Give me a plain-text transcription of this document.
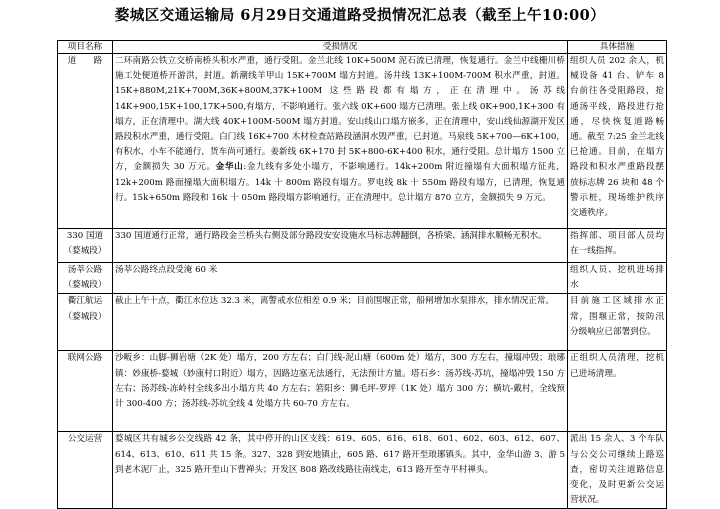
婺城区交通运输局 6月29日交通道路受损情况汇总表（截至上午10:00）
项目名称	受损情况	具体措施
道　　路	二环南路公铁立交桥南桥头积水严重，通行受阻。金兰北线 10K+500M 泥石流已清理，恢复通行。金兰中线栅川桥施工处便道桥开游洪，封道。新潮线羊甲山 15K+700M 塌方封道。汤井线 13K+100M-700M 积水严重，封道。15K+880M,21K+700M,36K+800M,37K+100M 这些路段都有塌方，正在清理中。汤苏线 14K+900,15K+100,17K+500,有塌方，不影响通行。张六线 0K+600 塌方已清理。张上线 0K+900,1K+300 有塌方，正在清理中。湖大线 40K+100M-500M 塌方封道。安山线山口塌方嵌多，正在清理中，安山线仙源湖开发区路段积水严重，通行受阻。白门线 16K+700 木材检查站路段涵洞水毁严重，已封道。马泉线 5K+700—6K+100，有积水，小车不能通行，货车尚可通行。姜新线 6K+170 封 5K+800-6K+400 积水，通行受阻。总计塌方 1500 立方，金额损失 30 万元。金华山:金九线有多处小塌方，不影响通行。14k+200m 附近撞塌有大面积塌方征兆，12k+200m 路面撞塌大面积塌方。14k 十 800m 路段有塌方。罗电线 8k 十 550m 路段有塌方，已清理，恢复通行。15k+650m 路段和 16k 十 050m 路段塌方影响通行，正在清理中。总计塌方 870 立方，金额损失 9 万元。	组织人员 202 余人，机械设备 41 台、铲车 8 台前往各受阻路段，抢通汤平线，路段进行抢通，尽快恢复道路畅通。截至 7:25 金兰北线已抢通。目前，在塌方路段和积水严重路段摆放标志牌 26 块和 48 个警示桩，现场维护秩序交通秩序。
330 国道
（婺城段）	330 国道通行正常，通行路段金兰桥头右侧及部分路段安安设施水马标志牌翻倒，各桥梁、涵洞排水顺畅无积水。	指挥部、项目部人员均在一线指挥。
汤莘公路
（婺城段）	汤莘公路终点段受淹 60 米	组织人员、挖机进场排水
衢江航运
（婺城段）	截止上午十点，衢江水位达 32.3 米，离警戒水位相差 0.9 米；目前围堰正常，船闸增加水泵排水，排水情况正常。	目前施工区域排水正常，围堰正常，按防汛分级响应已部署到位。
联网公路	沙畈乡：山脚-狮岩塘（2K 处）塌方，200 方左右；白门线-泥山塘（600m 处）塌方，300 方左右，撞塌冲毁；琅琊镇：妙康桥-婺城（妙康村口附近）塌方，因路边塞无法通行，无法预计方量。塔石乡：汤苏线-苏坑，撞塌冲毁 150 方左右；汤苏线-冻岭村全线多出小塌方共 40 方左右；箬阳乡：狮毛坪-罗坪（1K 处）塌方 300 方；横坑-戴村，全线预计 300-400 方；汤苏线-苏坑全线 4 处塌方共 60-70 方左右。	正组织人员清理，挖机已进场清理。
公交运营	婺城区共有城乡公交线路 42 条，其中停开的山区支线：619、605、616、618、601、602、603、612、607、614、613、610、611 共 15 条。327、328 到安地镇止，605 路、617 路开至琅琊镇头。其中，金华山游 3、游 5 到老木泥厂止，325 路开至山下曹禅头；开发区 808 路改线路往南线走，613 路开至寺平村禅头。	派出 15 余人、3 个车队与公交公司继续上路巡查，密切关注道路信息变化，及时更新公交运营状况。
